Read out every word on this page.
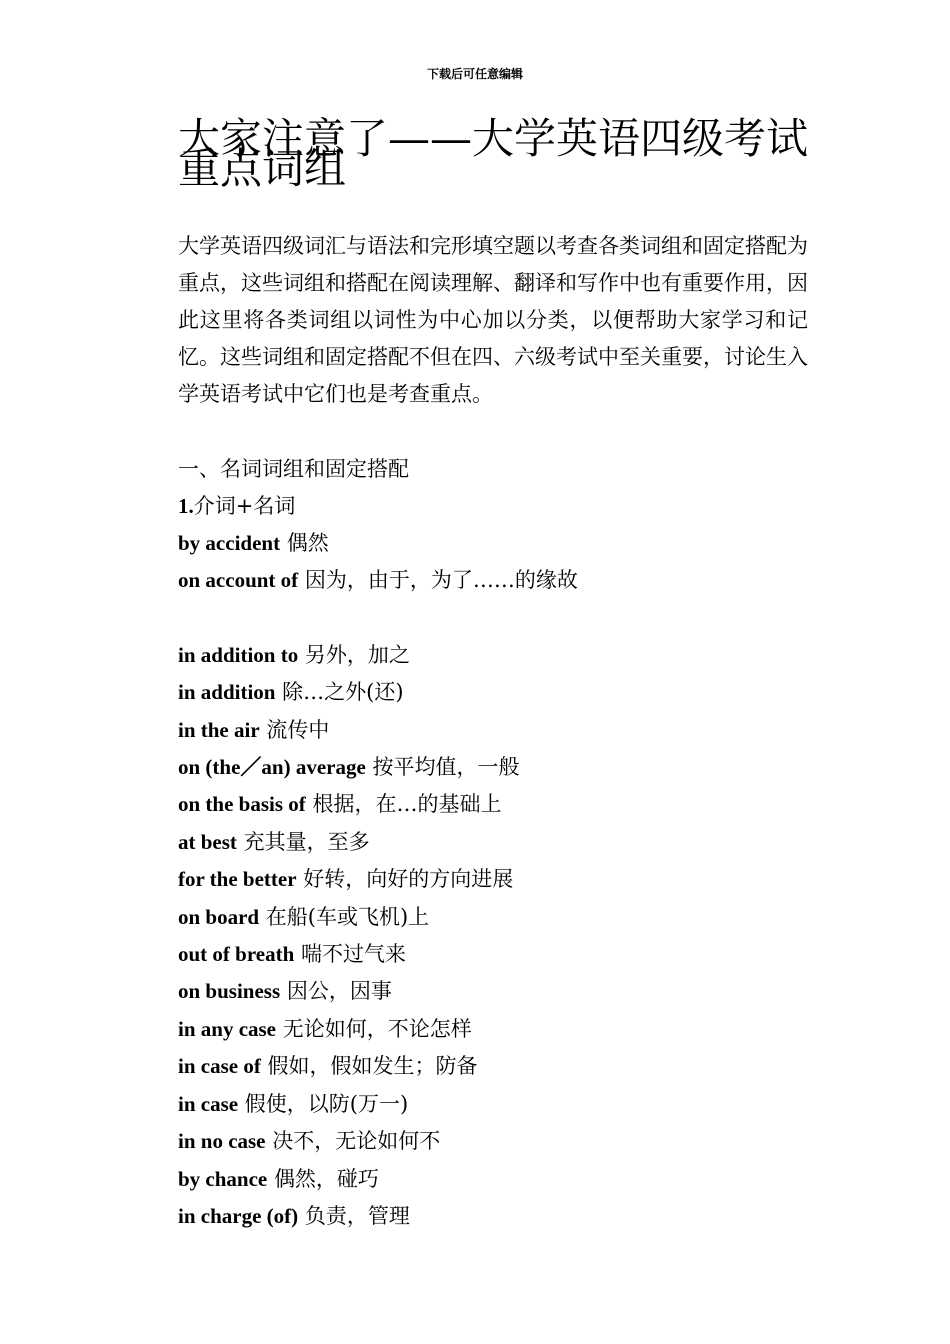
下载后可任意编辑
大家注意了——大学英语四级考试重点词组

大学英语四级词汇与语法和完形填空题以考查各类词组和固定搭配为重点，这些词组和搭配在阅读理解、翻译和写作中也有重要作用，因此这里将各类词组以词性为中心加以分类，以便帮助大家学习和记忆。这些词组和固定搭配不但在四、六级考试中至关重要，讨论生入学英语考试中它们也是考查重点。

一、名词词组和固定搭配
1.介词+名词
by accident 偶然
on account of 因为，由于，为了……的缘故
in addition to 另外，加之
in addition 除…之外(还)
in the air 流传中
on (the／an) average 按平均值，一般
on the basis of 根据，在…的基础上
at best 充其量，至多
for the better 好转，向好的方向进展
on board 在船(车或飞机)上
out of breath 喘不过气来
on business 因公，因事
in any case 无论如何，不论怎样
in case of 假如，假如发生；防备
in case 假使，以防(万一)
in no case 决不，无论如何不
by chance 偶然，碰巧
in charge (of) 负责，管理
